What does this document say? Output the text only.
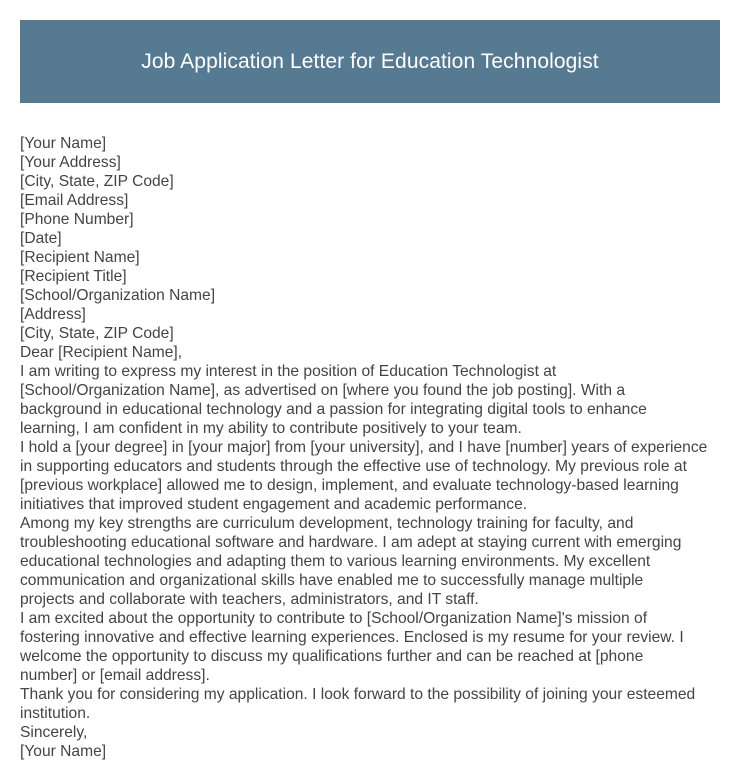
Job Application Letter for Education Technologist
[Your Name]
[Your Address]
[City, State, ZIP Code]
[Email Address]
[Phone Number]
[Date]
[Recipient Name]
[Recipient Title]
[School/Organization Name]
[Address]
[City, State, ZIP Code]
Dear [Recipient Name],

I am writing to express my interest in the position of Education Technologist at
[School/Organization Name], as advertised on [where you found the job posting]. With a
background in educational technology and a passion for integrating digital tools to enhance
learning, I am confident in my ability to contribute positively to your team.

I hold a [your degree] in [your major] from [your university], and I have [number] years of experience
in supporting educators and students through the effective use of technology. My previous role at
[previous workplace] allowed me to design, implement, and evaluate technology-based learning
initiatives that improved student engagement and academic performance.

Among my key strengths are curriculum development, technology training for faculty, and
troubleshooting educational software and hardware. I am adept at staying current with emerging
educational technologies and adapting them to various learning environments. My excellent
communication and organizational skills have enabled me to successfully manage multiple
projects and collaborate with teachers, administrators, and IT staff.

I am excited about the opportunity to contribute to [School/Organization Name]'s mission of
fostering innovative and effective learning experiences. Enclosed is my resume for your review. I
welcome the opportunity to discuss my qualifications further and can be reached at [phone
number] or [email address].

Thank you for considering my application. I look forward to the possibility of joining your esteemed
institution.

Sincerely,
[Your Name]
